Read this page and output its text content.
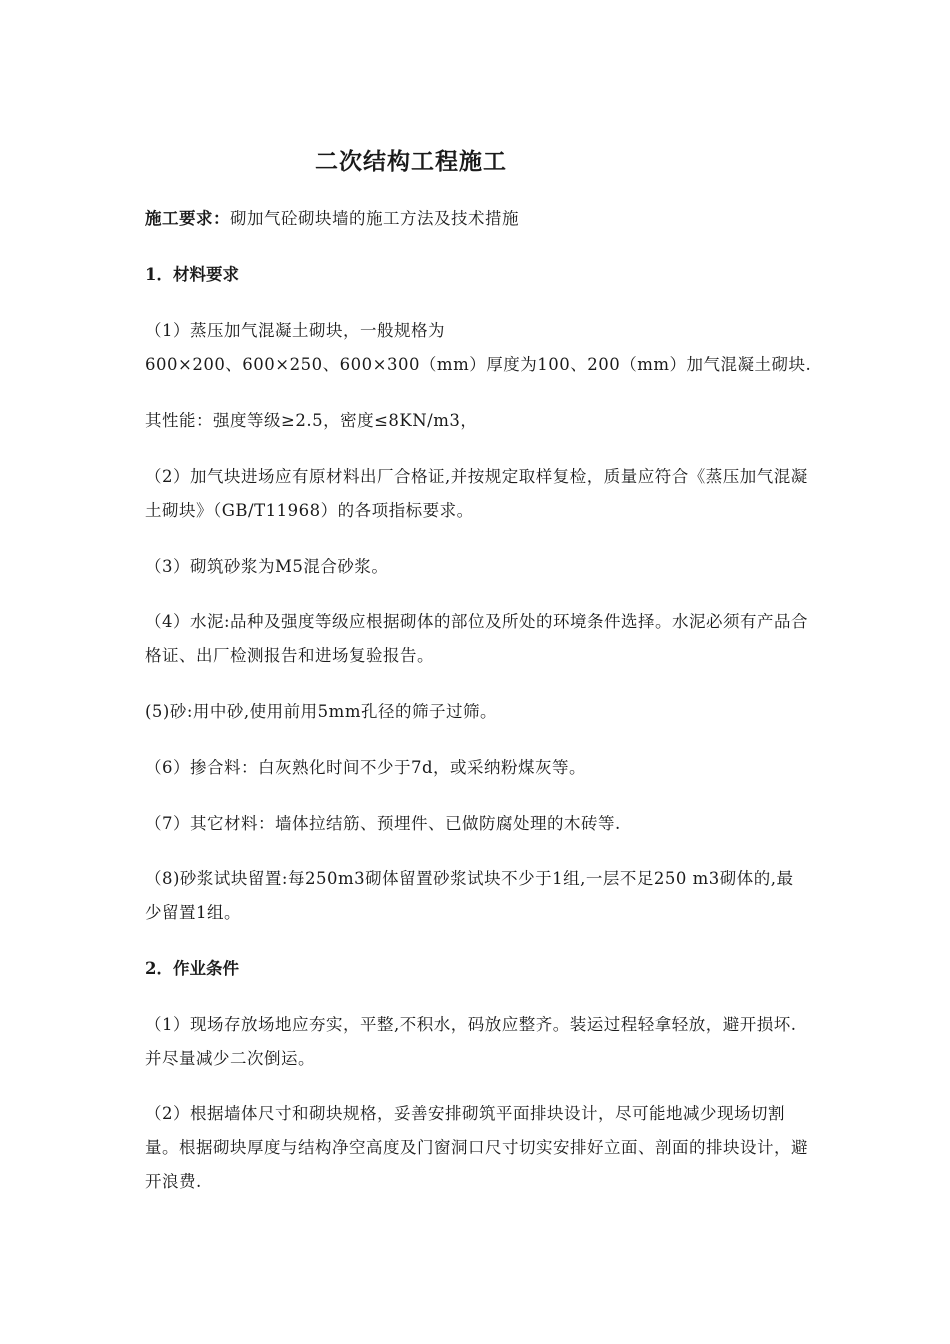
二次结构工程施工

施工要求：砌加气砼砌块墙的施工方法及技术措施

1．材料要求

（1）蒸压加气混凝土砌块，一般规格为

600×200、600×250、600×300（mm）厚度为100、200（mm）加气混凝土砌块.

其性能：强度等级≥2.5，密度≤8KN/m3，

（2）加气块进场应有原材料出厂合格证,并按规定取样复检，质量应符合《蒸压加气混凝土砌块》（GB/T11968）的各项指标要求。

（3）砌筑砂浆为M5混合砂浆。

（4）水泥:品种及强度等级应根据砌体的部位及所处的环境条件选择。水泥必须有产品合格证、出厂检测报告和进场复验报告。

(5)砂:用中砂,使用前用5mm孔径的筛子过筛。

（6）掺合料：白灰熟化时间不少于7d，或采纳粉煤灰等。

（7）其它材料：墙体拉结筋、预埋件、已做防腐处理的木砖等.

（8)砂浆试块留置:每250m3砌体留置砂浆试块不少于1组,一层不足250 m3砌体的,最少留置1组。

2．作业条件

（1）现场存放场地应夯实，平整,不积水，码放应整齐。装运过程轻拿轻放，避开损坏.并尽量减少二次倒运。

（2）根据墙体尺寸和砌块规格，妥善安排砌筑平面排块设计，尽可能地减少现场切割量。根据砌块厚度与结构净空高度及门窗洞口尺寸切实安排好立面、剖面的排块设计，避开浪费.
